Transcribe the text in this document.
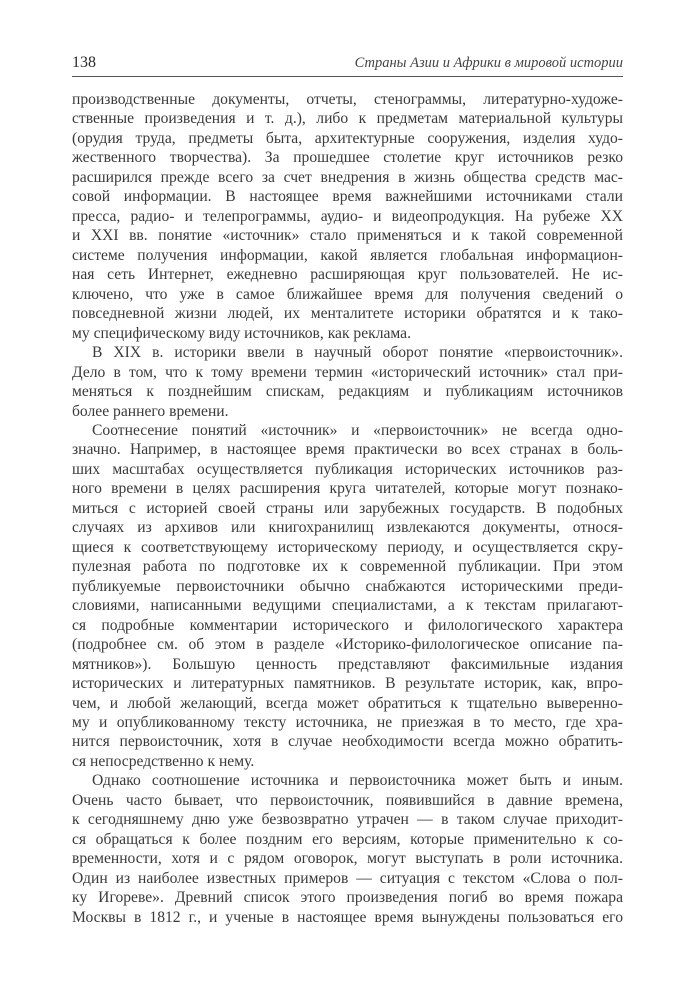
138	Страны Азии и Африки в мировой истории
производственные документы, отчеты, стенограммы, литературно-художе-
ственные произведения и т. д.), либо к предметам материальной культуры
(орудия труда, предметы быта, архитектурные сооружения, изделия худо-
жественного творчества). За прошедшее столетие круг источников резко
расширился прежде всего за счет внедрения в жизнь общества средств мас-
совой информации. В настоящее время важнейшими источниками стали
пресса, радио- и телепрограммы, аудио- и видеопродукция. На рубеже XX
и XXI вв. понятие «источник» стало применяться и к такой современной
системе получения информации, какой является глобальная информацион-
ная сеть Интернет, ежедневно расширяющая круг пользователей. Не ис-
ключено, что уже в самое ближайшее время для получения сведений о
повседневной жизни людей, их менталитете историки обратятся и к тако-
му специфическому виду источников, как реклама.
В XIX в. историки ввели в научный оборот понятие «первоисточник».
Дело в том, что к тому времени термин «исторический источник» стал при-
меняться к позднейшим спискам, редакциям и публикациям источников
более раннего времени.
Соотнесение понятий «источник» и «первоисточник» не всегда одно-
значно. Например, в настоящее время практически во всех странах в боль-
ших масштабах осуществляется публикация исторических источников раз-
ного времени в целях расширения круга читателей, которые могут познако-
миться с историей своей страны или зарубежных государств. В подобных
случаях из архивов или книгохранилищ извлекаются документы, относя-
щиеся к соответствующему историческому периоду, и осуществляется скру-
пулезная работа по подготовке их к современной публикации. При этом
публикуемые первоисточники обычно снабжаются историческими преди-
словиями, написанными ведущими специалистами, а к текстам прилагают-
ся подробные комментарии исторического и филологического характера
(подробнее см. об этом в разделе «Историко-филологическое описание па-
мятников»). Большую ценность представляют факсимильные издания
исторических и литературных памятников. В результате историк, как, впро-
чем, и любой желающий, всегда может обратиться к тщательно выверенно-
му и опубликованному тексту источника, не приезжая в то место, где хра-
нится первоисточник, хотя в случае необходимости всегда можно обратить-
ся непосредственно к нему.
Однако соотношение источника и первоисточника может быть и иным.
Очень часто бывает, что первоисточник, появившийся в давние времена,
к сегодняшнему дню уже безвозвратно утрачен — в таком случае приходит-
ся обращаться к более поздним его версиям, которые применительно к со-
временности, хотя и с рядом оговорок, могут выступать в роли источника.
Один из наиболее известных примеров — ситуация с текстом «Слова о пол-
ку Игореве». Древний список этого произведения погиб во время пожара
Москвы в 1812 г., и ученые в настоящее время вынуждены пользоваться его
